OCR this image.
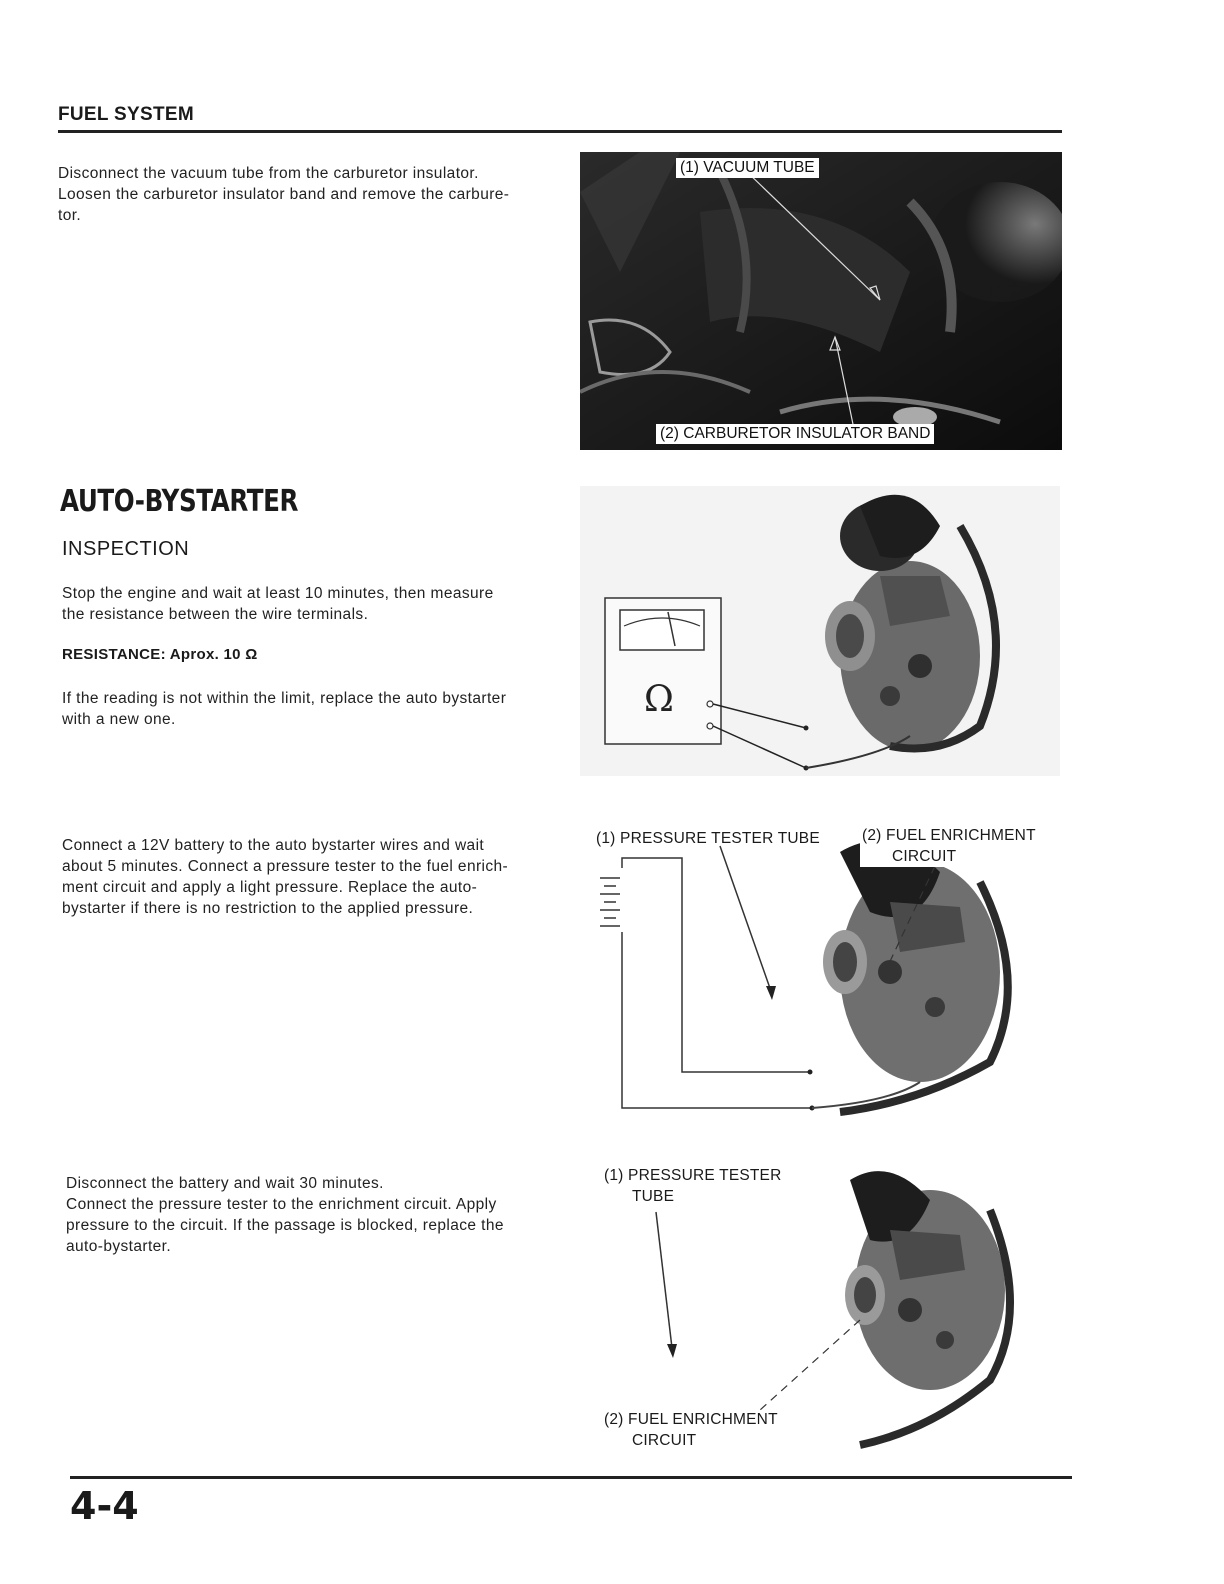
FUEL SYSTEM
Disconnect the vacuum tube from the carburetor insulator.
Loosen the carburetor insulator band and remove the carbure-
tor.
(1) VACUUM TUBE
(2) CARBURETOR INSULATOR BAND
AUTO-BYSTARTER
INSPECTION
Stop the engine and wait at least 10 minutes, then measure
the resistance between the wire terminals.
RESISTANCE: Aprox. 10 Ω
If the reading is not within the limit, replace the auto bystarter
with a new one.	Ω
Connect a 12V battery to the auto bystarter wires and wait
about 5 minutes. Connect a pressure tester to the fuel enrich-
ment circuit and apply a light pressure. Replace the auto-
bystarter if there is no restriction to the applied pressure.
(1) PRESSURE TESTER TUBE	(2) FUEL ENRICHMENT
CIRCUIT
Disconnect the battery and wait 30 minutes.
Connect the pressure tester to the enrichment circuit. Apply
pressure to the circuit. If the passage is blocked, replace the
auto-bystarter.
(1) PRESSURE TESTER
TUBE
(2) FUEL ENRICHMENT
CIRCUIT
4-4
